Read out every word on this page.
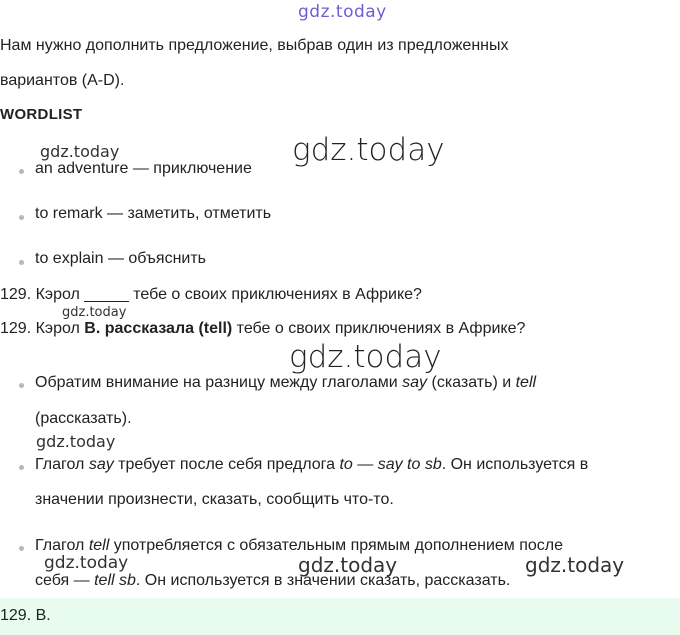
gdz.today
Нам нужно дополнить предложение, выбрав один из предложенных
вариантов (A-D).
WORDLIST
gdz.today	gdz.today
an adventure — приключение
to remark — заметить, отметить
to explain — объяснить
129. Кэрол _____ тебе о своих приключениях в Африке?
gdz.today
129. Кэрол B. рассказала (tell) тебе о своих приключениях в Африке?
gdz.today
Обратим внимание на разницу между глаголами say (сказать) и tell
(рассказать).
gdz.today
Глагол say требует после себя предлога to — say to sb. Он используется в
значении произнести, сказать, сообщить что-то.
Глагол tell употребляется с обязательным прямым дополнением после
себя — tell sb. Он используется в значении сказать, рассказать.
gdz.today	gdz.today	gdz.today
129. B.
